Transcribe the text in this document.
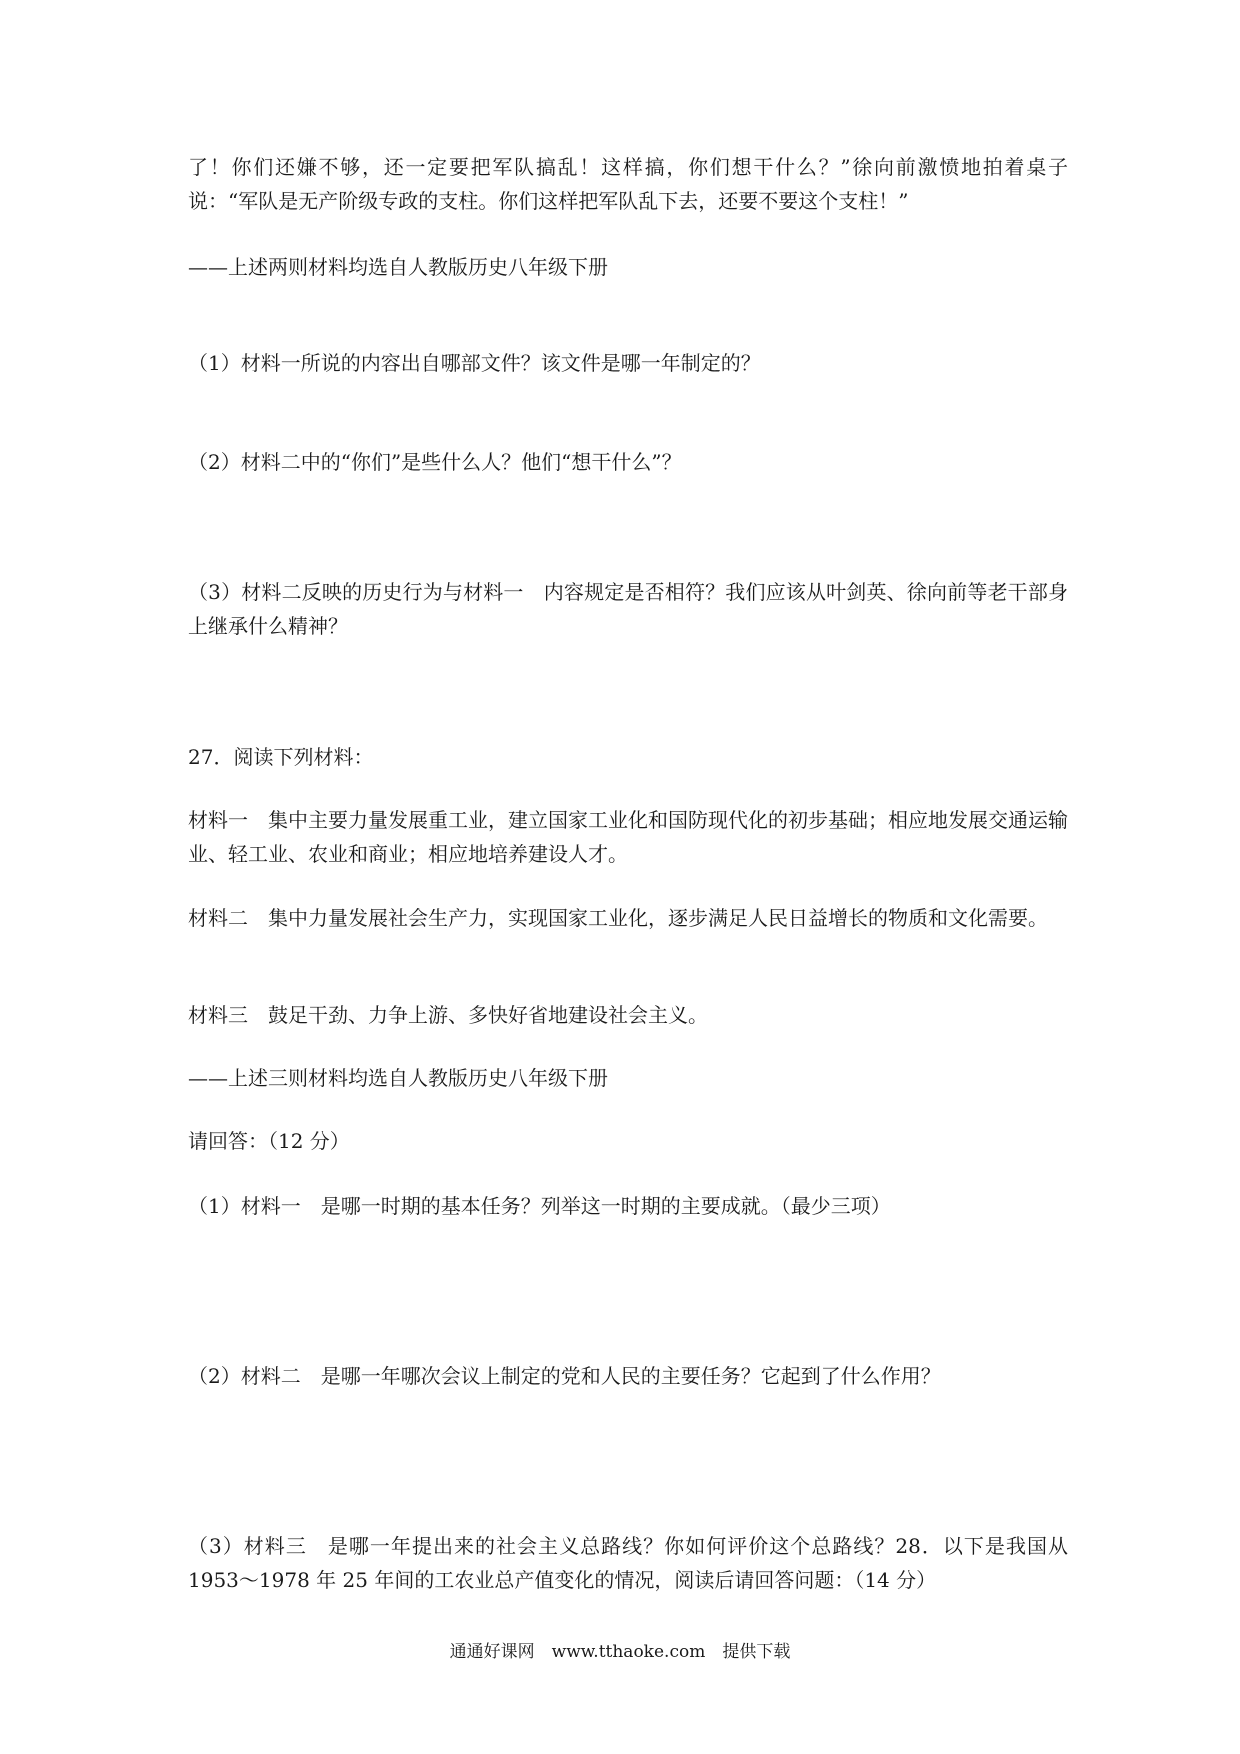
了！你们还嫌不够，还一定要把军队搞乱！这样搞，你们想干什么？”徐向前激愤地拍着桌子说：“军队是无产阶级专政的支柱。你们这样把军队乱下去，还要不要这个支柱！”

——上述两则材料均选自人教版历史八年级下册

（1）材料一所说的内容出自哪部文件？该文件是哪一年制定的？

（2）材料二中的“你们”是些什么人？他们“想干什么”？

（3）材料二反映的历史行为与材料一　内容规定是否相符？我们应该从叶剑英、徐向前等老干部身上继承什么精神？

27．阅读下列材料：

材料一　集中主要力量发展重工业，建立国家工业化和国防现代化的初步基础；相应地发展交通运输业、轻工业、农业和商业；相应地培养建设人才。

材料二　集中力量发展社会生产力，实现国家工业化，逐步满足人民日益增长的物质和文化需要。

材料三　鼓足干劲、力争上游、多快好省地建设社会主义。

——上述三则材料均选自人教版历史八年级下册

请回答：（12 分）

（1）材料一　是哪一时期的基本任务？列举这一时期的主要成就。（最少三项）

（2）材料二　是哪一年哪次会议上制定的党和人民的主要任务？它起到了什么作用？

（3）材料三　是哪一年提出来的社会主义总路线？你如何评价这个总路线？28．以下是我国从 1953～1978 年 25 年间的工农业总产值变化的情况，阅读后请回答问题：（14 分）

通通好课网　www.tthaoke.com　提供下载
